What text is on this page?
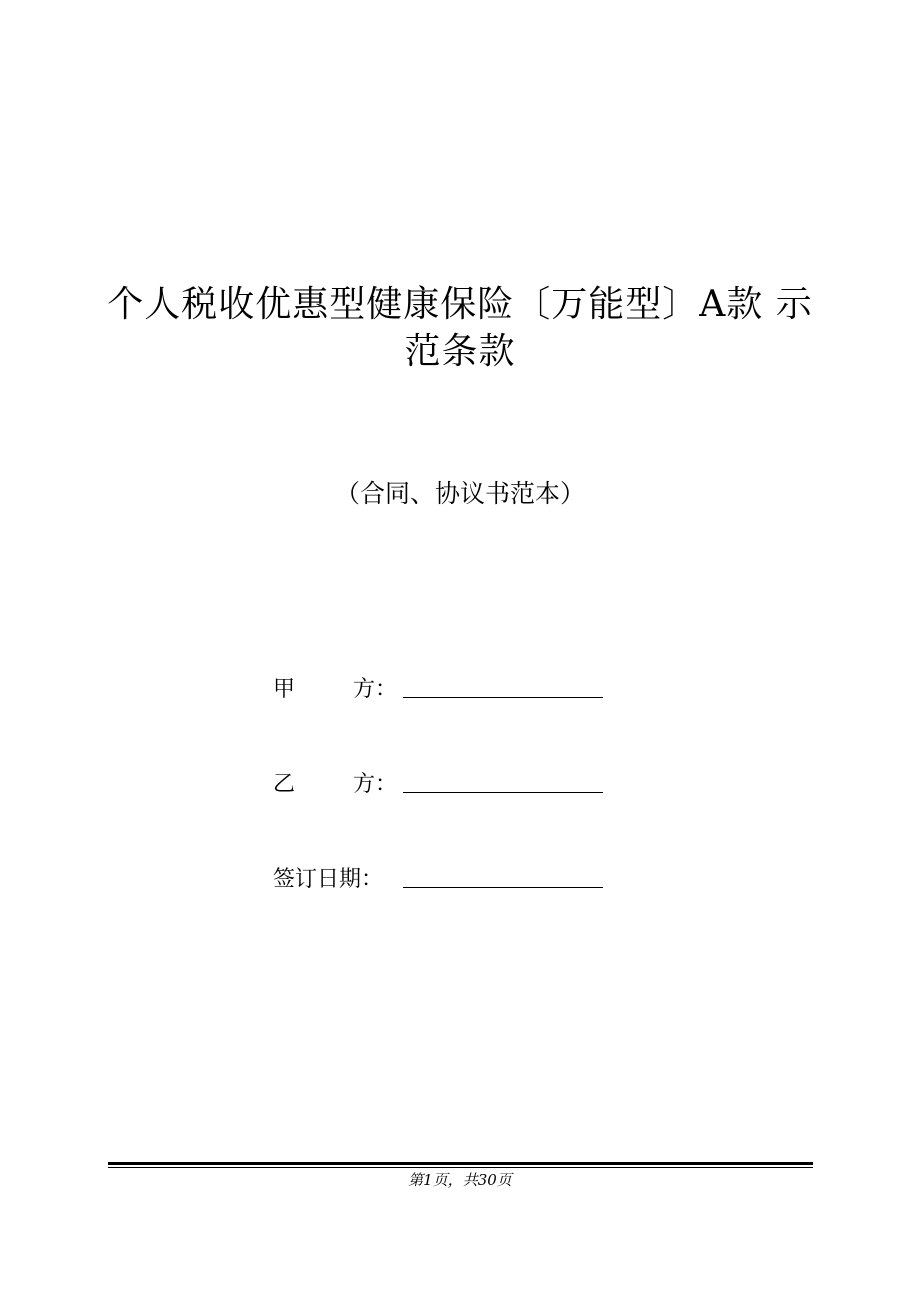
个人税收优惠型健康保险〔万能型〕A款 示
范条款
（合同、协议书范本）
甲	方：
乙	方：
签订日期：
第1页，共30页
